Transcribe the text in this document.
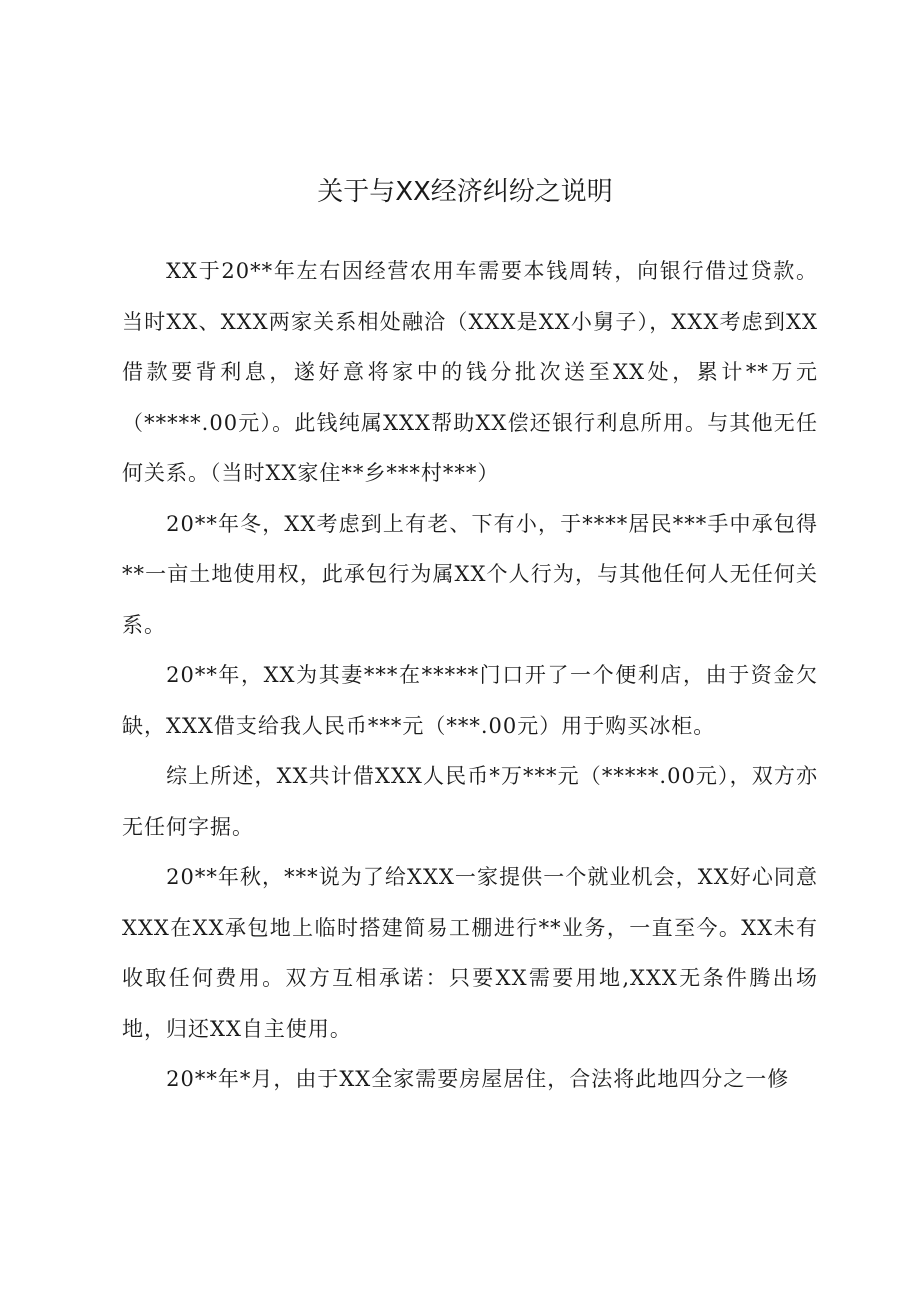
关于与XX经济纠纷之说明

XX于20**年左右因经营农用车需要本钱周转，向银行借过贷款。当时XX、XXX两家关系相处融洽（XXX是XX小舅子），XXX考虑到XX借款要背利息，遂好意将家中的钱分批次送至XX处，累计**万元（*****.00元）。此钱纯属XXX帮助XX偿还银行利息所用。与其他无任何关系。（当时XX家住**乡***村***）

20**年冬，XX考虑到上有老、下有小，于****居民***手中承包得**一亩土地使用权，此承包行为属XX个人行为，与其他任何人无任何关系。

20**年，XX为其妻***在*****门口开了一个便利店，由于资金欠缺，XXX借支给我人民币***元（***.00元）用于购买冰柜。

综上所述，XX共计借XXX人民币*万***元（*****.00元），双方亦无任何字据。

20**年秋，***说为了给XXX一家提供一个就业机会，XX好心同意XXX在XX承包地上临时搭建简易工棚进行**业务，一直至今。XX未有收取任何费用。双方互相承诺：只要XX需要用地,XXX无条件腾出场地，归还XX自主使用。

20**年*月，由于XX全家需要房屋居住，合法将此地四分之一修
